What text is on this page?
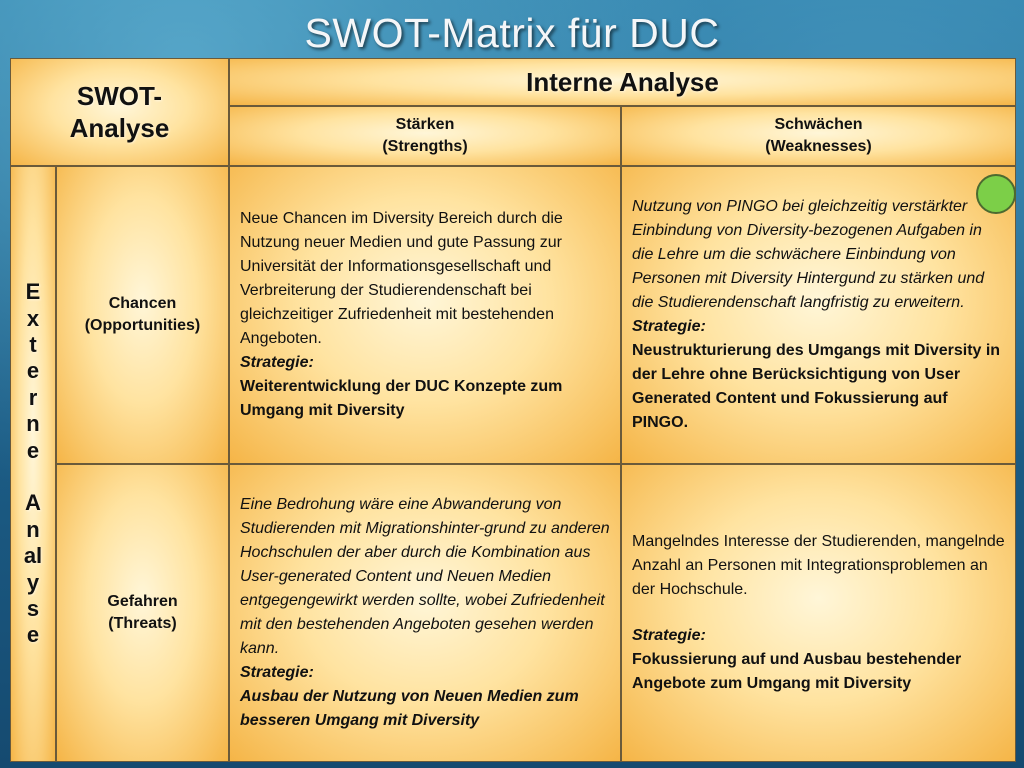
SWOT-Matrix für DUC
SWOT-
Analyse
Interne Analyse
Stärken
(Strengths)
Schwächen
(Weaknesses)
E
x
t
e
r
n
e

A
n
al
y
s
e
Chancen
(Opportunities)
Gefahren
(Threats)
Neue Chancen im Diversity Bereich durch die Nutzung neuer Medien und gute Passung zur Universität der Informationsgesellschaft und Verbreiterung der Studierendenschaft bei gleichzeitiger Zufriedenheit mit bestehenden Angeboten.
Strategie:
Weiterentwicklung der DUC Konzepte zum Umgang mit Diversity
Nutzung von PINGO bei gleichzeitig verstärkter Einbindung von Diversity-bezogenen Aufgaben in die Lehre um die schwächere Einbindung von Personen mit Diversity Hintergund zu stärken und die Studierendenschaft langfristig zu erweitern.
Strategie:
Neustrukturierung des Umgangs mit Diversity in der Lehre ohne Berücksichtigung von User Generated Content und Fokussierung auf PINGO.
Eine Bedrohung wäre eine Abwanderung von Studierenden mit Migrationshinter-grund zu anderen Hochschulen der aber durch die Kombination aus User-generated Content und Neuen Medien entgegengewirkt werden sollte, wobei Zufriedenheit mit den bestehenden Angeboten gesehen werden kann.
Strategie:
Ausbau der Nutzung von Neuen Medien zum besseren Umgang mit Diversity
Mangelndes Interesse der Studierenden, mangelnde Anzahl an Personen mit Integrationsproblemen an der Hochschule.
Strategie:
Fokussierung auf und Ausbau bestehender Angebote zum Umgang mit Diversity
